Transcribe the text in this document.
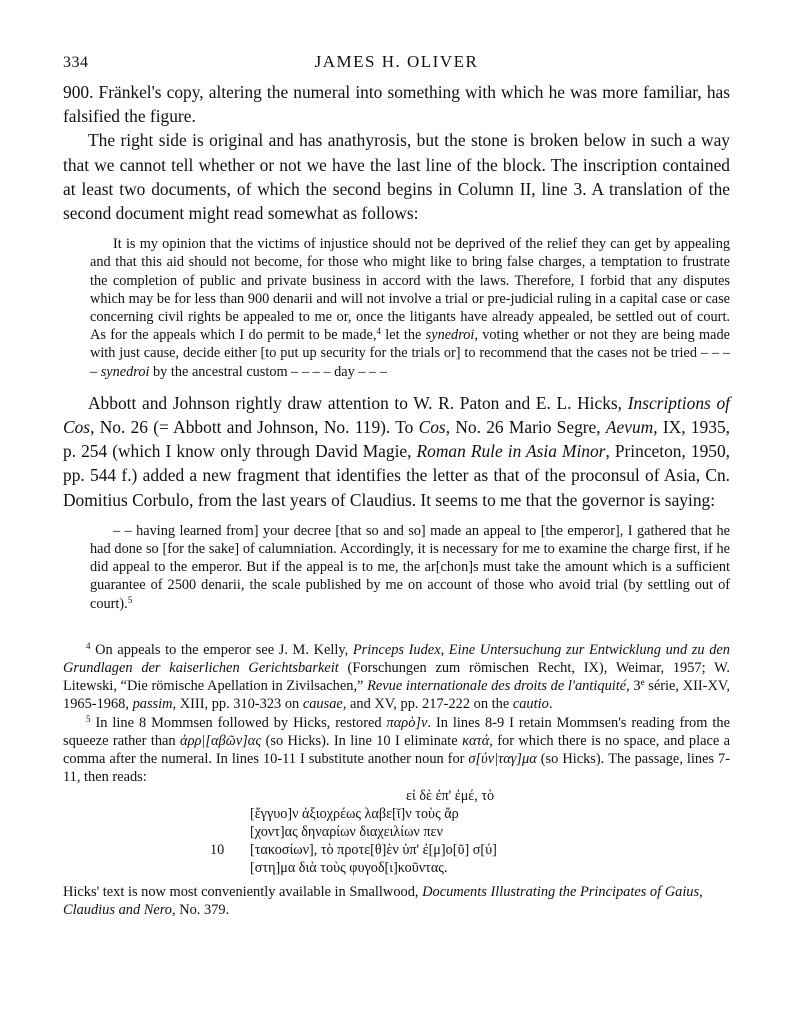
334	JAMES H. OLIVER

900. Fränkel's copy, altering the numeral into something with which he was more familiar, has falsified the figure.

The right side is original and has anathyrosis, but the stone is broken below in such a way that we cannot tell whether or not we have the last line of the block. The inscription contained at least two documents, of which the second begins in Column II, line 3. A translation of the second document might read somewhat as follows:

It is my opinion that the victims of injustice should not be deprived of the relief they can get by appealing and that this aid should not become, for those who might like to bring false charges, a temptation to frustrate the completion of public and private business in accord with the laws. Therefore, I forbid that any disputes which may be for less than 900 denarii and will not involve a trial or pre-judicial ruling in a capital case or case concerning civil rights be appealed to me or, once the litigants have already appealed, be settled out of court. As for the appeals which I do permit to be made,$^4$ let the synedroi, voting whether or not they are being made with just cause, decide either [to put up security for the trials or] to recommend that the cases not be tried – – – – synedroi by the ancestral custom – – – – day – – –

Abbott and Johnson rightly draw attention to W. R. Paton and E. L. Hicks, Inscriptions of Cos, No. 26 (= Abbott and Johnson, No. 119). To Cos, No. 26 Mario Segre, Aevum, IX, 1935, p. 254 (which I know only through David Magie, Roman Rule in Asia Minor, Princeton, 1950, pp. 544 f.) added a new fragment that identifies the letter as that of the proconsul of Asia, Cn. Domitius Corbulo, from the last years of Claudius. It seems to me that the governor is saying:

– – having learned from] your decree [that so and so] made an appeal to [the emperor], I gathered that he had done so [for the sake] of calumniation. Accordingly, it is necessary for me to examine the charge first, if he did appeal to the emperor. But if the appeal is to me, the ar[chon]s must take the amount which is a sufficient guarantee of 2500 denarii, the scale published by me on account of those who avoid trial (by settling out of court).$^5$

$^4$ On appeals to the emperor see J. M. Kelly, Princeps Iudex, Eine Untersuchung zur Entwicklung und zu den Grundlagen der kaiserlichen Gerichtsbarkeit (Forschungen zum römischen Recht, IX), Weimar, 1957; W. Litewski, “Die römische Apellation in Zivilsachen,” Revue internationale des droits de l'antiquité, 3e série, XII-XV, 1965-1968, passim, XIII, pp. 310-323 on causae, and XV, pp. 217-222 on the cautio.

$^5$ In line 8 Mommsen followed by Hicks, restored παρὸ]ν. In lines 8-9 I retain Mommsen's reading from the squeeze rather than ἀρρ|[αβῶν]ας (so Hicks). In line 10 I eliminate κατά, for which there is no space, and place a comma after the numeral. In lines 10-11 I substitute another noun for σ[ύν|ταγ]μα (so Hicks). The passage, lines 7-11, then reads:

εἰ δὲ ἐπ' ἐμέ, τὸ
[ἔγγυο]ν ἀξιοχρέως λαβε[ῖ]ν τοὺς ἄρ
[χοντ]ας δηναρίων διαχειλίων πεν
[τακοσίων], τὸ προτε[θ]ὲν ὑπ' ἐ[μ]ο[ῦ] σ[ύ]
[στη]μα διὰ τοὺς φυγοδ[ι]κοῦντας.
10

Hicks' text is now most conveniently available in Smallwood, Documents Illustrating the Principates of Gaius, Claudius and Nero, No. 379.
